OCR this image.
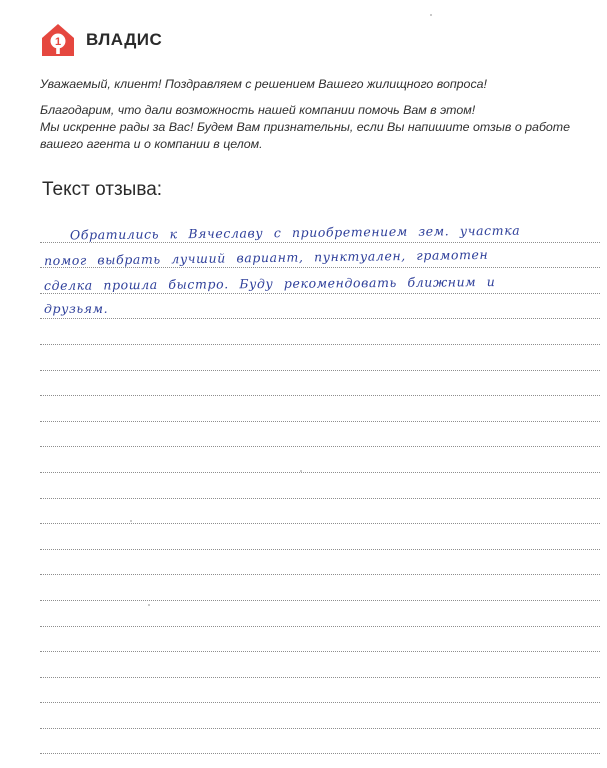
1 ВЛАДИС

Уважаемый, клиент! Поздравляем с решением Вашего жилищного вопроса!

Благодарим, что дали возможность нашей компании помочь Вам в этом!
Мы искренне рады за Вас! Будем Вам признательны, если Вы напишите отзыв о работе
вашего агента и о компании в целом.

Текст отзыва:
Обратились к Вячеславу с приобретением зем. участка
помог выбрать лучший вариант, пунктуален, грамотен
сделка прошла быстро. Буду рекомендовать ближним и
друзьям.
